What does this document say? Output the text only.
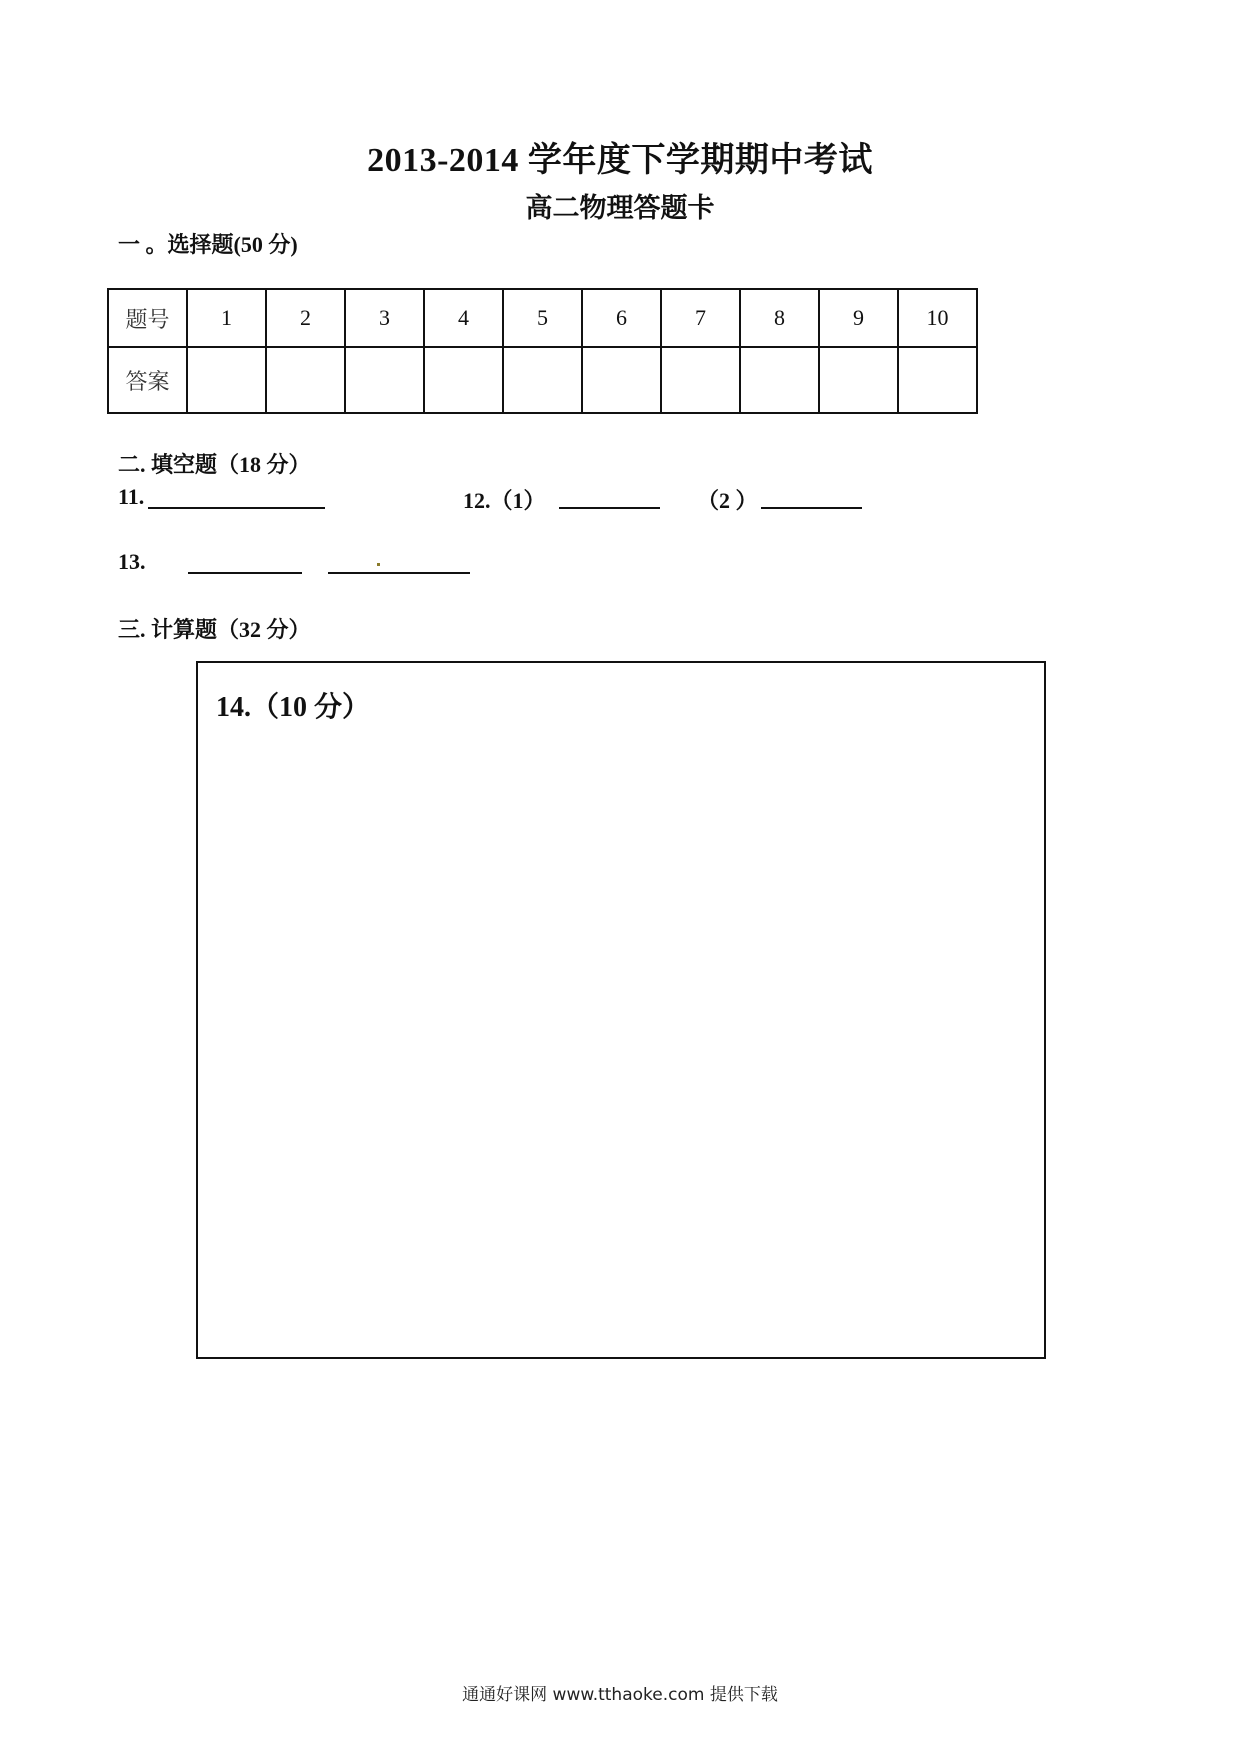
2013-2014 学年度下学期期中考试
高二物理答题卡
一 。选择题(50 分)
题号	1	2	3	4	5	6	7	8	9	10
答案										
二. 填空题（18 分）
11.	12.（1）	（2 ）
13.
三. 计算题（32 分）
14.（10 分）
通通好课网 www.tthaoke.com 提供下载
